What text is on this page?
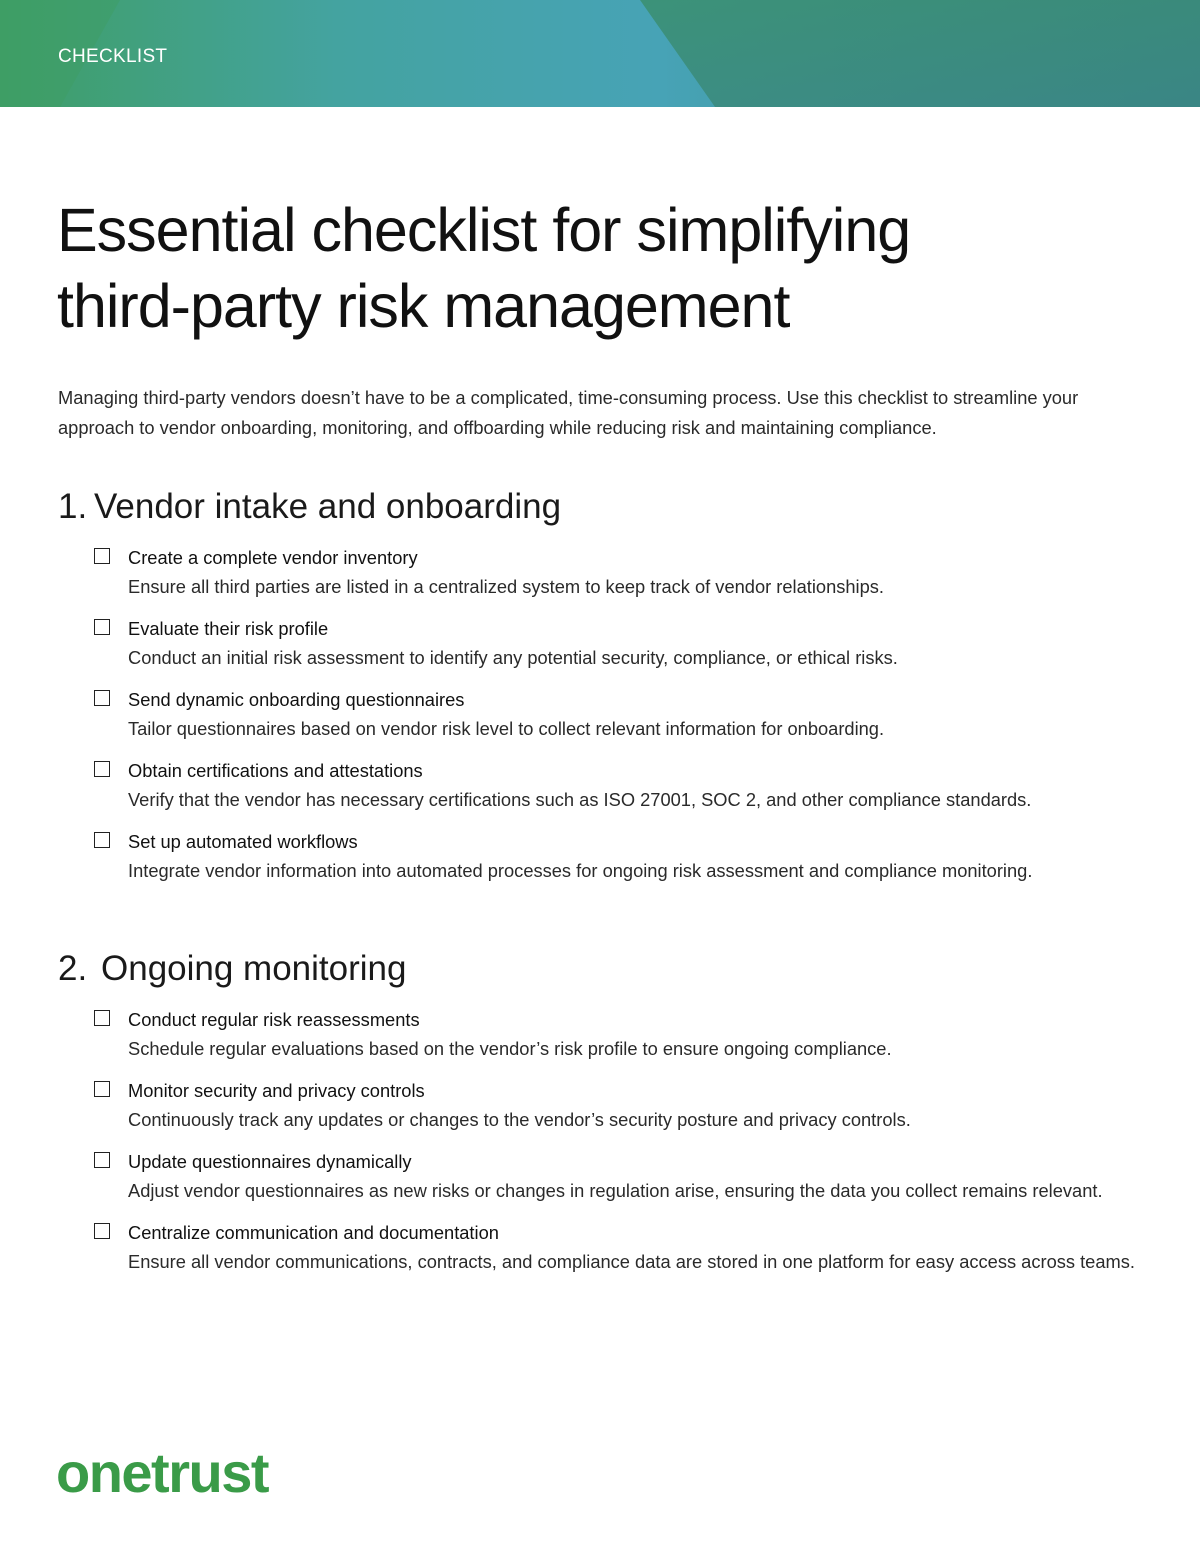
CHECKLIST
Essential checklist for simplifying
third-party risk management

Managing third-party vendors doesn’t have to be a complicated, time-consuming process. Use this checklist to streamline your approach to vendor onboarding, monitoring, and offboarding while reducing risk and maintaining compliance.

1. Vendor intake and onboarding
Create a complete vendor inventory
Ensure all third parties are listed in a centralized system to keep track of vendor relationships.
Evaluate their risk profile
Conduct an initial risk assessment to identify any potential security, compliance, or ethical risks.
Send dynamic onboarding questionnaires
Tailor questionnaires based on vendor risk level to collect relevant information for onboarding.
Obtain certifications and attestations
Verify that the vendor has necessary certifications such as ISO 27001, SOC 2, and other compliance standards.
Set up automated workflows
Integrate vendor information into automated processes for ongoing risk assessment and compliance monitoring.
2. Ongoing monitoring
Conduct regular risk reassessments
Schedule regular evaluations based on the vendor’s risk profile to ensure ongoing compliance.
Monitor security and privacy controls
Continuously track any updates or changes to the vendor’s security posture and privacy controls.
Update questionnaires dynamically
Adjust vendor questionnaires as new risks or changes in regulation arise, ensuring the data you collect remains relevant.
Centralize communication and documentation
Ensure all vendor communications, contracts, and compliance data are stored in one platform for easy access across teams.
onetrust
